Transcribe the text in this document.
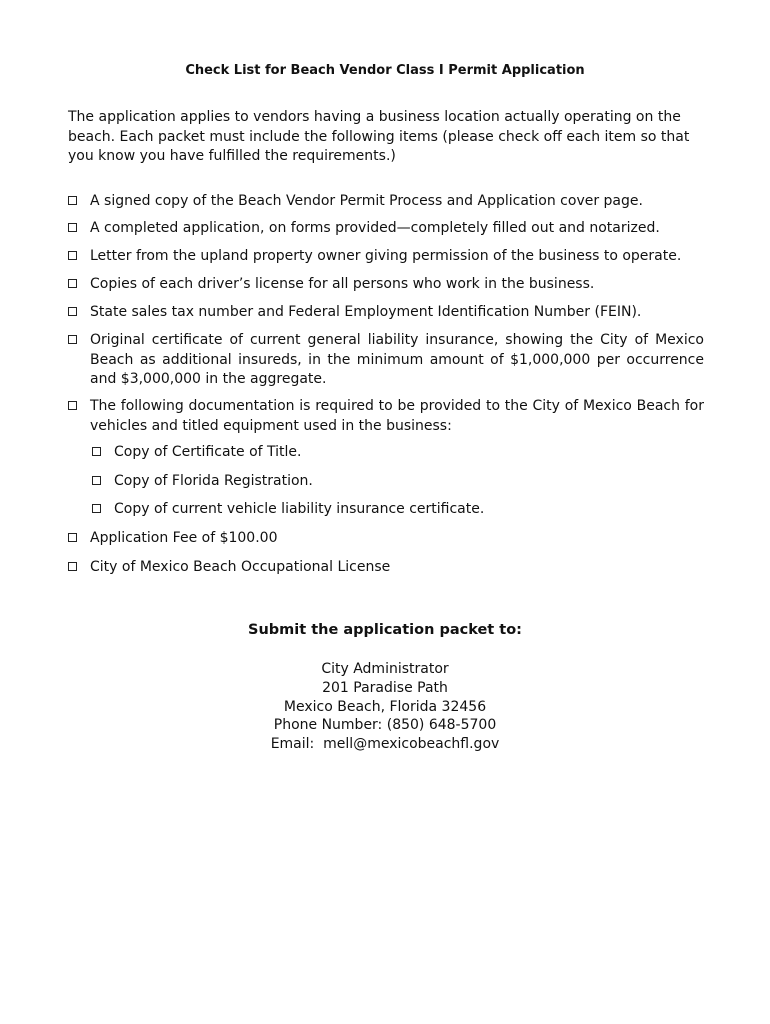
Check List for Beach Vendor Class I Permit Application

The application applies to vendors having a business location actually operating on the beach. Each packet must include the following items (please check off each item so that you know you have fulfilled the requirements.)

A signed copy of the Beach Vendor Permit Process and Application cover page.
A completed application, on forms provided—completely filled out and notarized.
Letter from the upland property owner giving permission of the business to operate.
Copies of each driver’s license for all persons who work in the business.
State sales tax number and Federal Employment Identification Number (FEIN).
Original certificate of current general liability insurance, showing the City of Mexico Beach as additional insureds, in the minimum amount of $1,000,000 per occurrence and $3,000,000 in the aggregate.
The following documentation is required to be provided to the City of Mexico Beach for vehicles and titled equipment used in the business:
Copy of Certificate of Title.
Copy of Florida Registration.
Copy of current vehicle liability insurance certificate.
Application Fee of $100.00
City of Mexico Beach Occupational License
Submit the application packet to:
City Administrator
201 Paradise Path
Mexico Beach, Florida 32456
Phone Number: (850) 648-5700
Email:  mell@mexicobeachfl.gov
